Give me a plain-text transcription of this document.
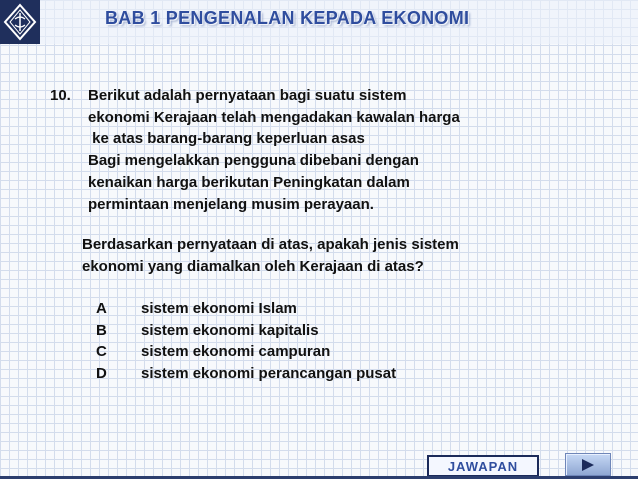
BAB 1 PENGENALAN KEPADA EKONOMI
10. Berikut adalah pernyataan bagi suatu sistem
ekonomi Kerajaan telah mengadakan kawalan harga
ke atas barang-barang keperluan asas
Bagi mengelakkan pengguna dibebani dengan
kenaikan harga berikutan Peningkatan dalam
permintaan menjelang musim perayaan.
Berdasarkan pernyataan di atas, apakah jenis sistem
ekonomi yang diamalkan oleh Kerajaan di atas?
A sistem ekonomi Islam
B sistem ekonomi kapitalis
C sistem ekonomi campuran
D sistem ekonomi perancangan pusat
JAWAPAN
